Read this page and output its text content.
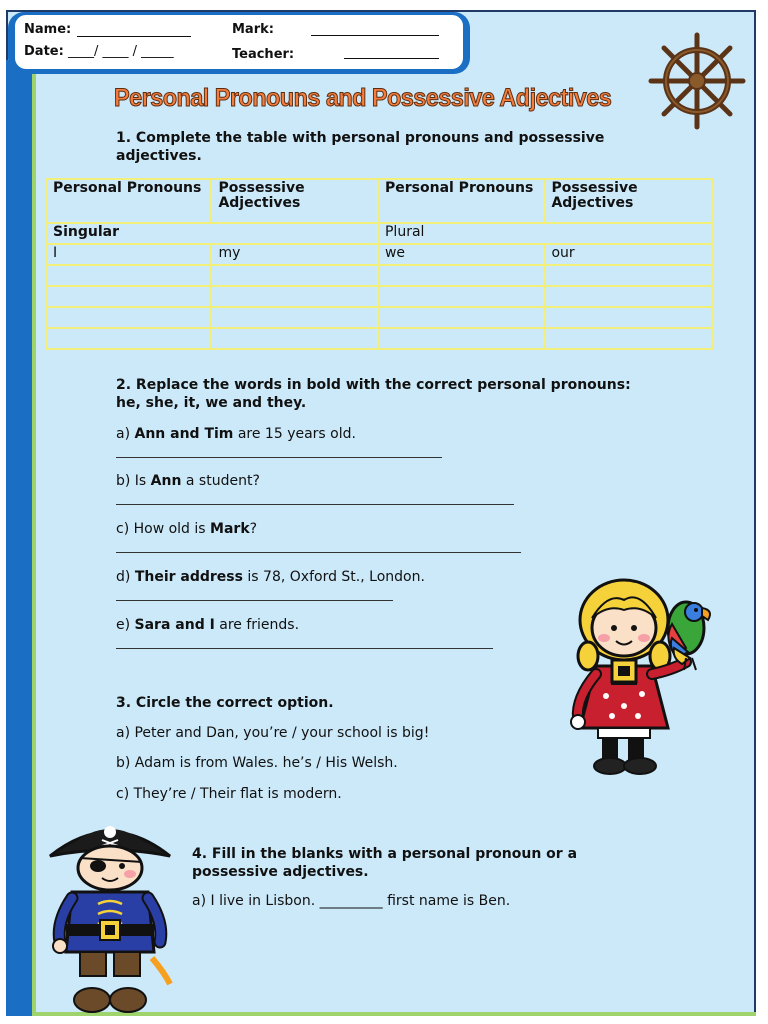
Name:
Date: ____/ ____ / _____
Mark:
Teacher:
Personal Pronouns and Possessive Adjectives
1. Complete the table with personal pronouns and possessive adjectives.
Personal Pronouns	Possessive Adjectives	Personal Pronouns	Possessive Adjectives
Singular		Plural	
I	my	we	our

2. Replace the words in bold with the correct personal pronouns:
he, she, it, we and they.
a) Ann and Tim are 15 years old.
b) Is Ann a student?
c) How old is Mark?
d) Their address is 78, Oxford St., London.
e) Sara and I are friends.
3. Circle the correct option.
a) Peter and Dan, you’re / your school is big!
b) Adam is from Wales. he’s / His Welsh.
c) They’re / Their flat is modern.
4. Fill in the blanks with a personal pronoun or a
possessive adjectives.
a) I live in Lisbon. _________ first name is Ben.
